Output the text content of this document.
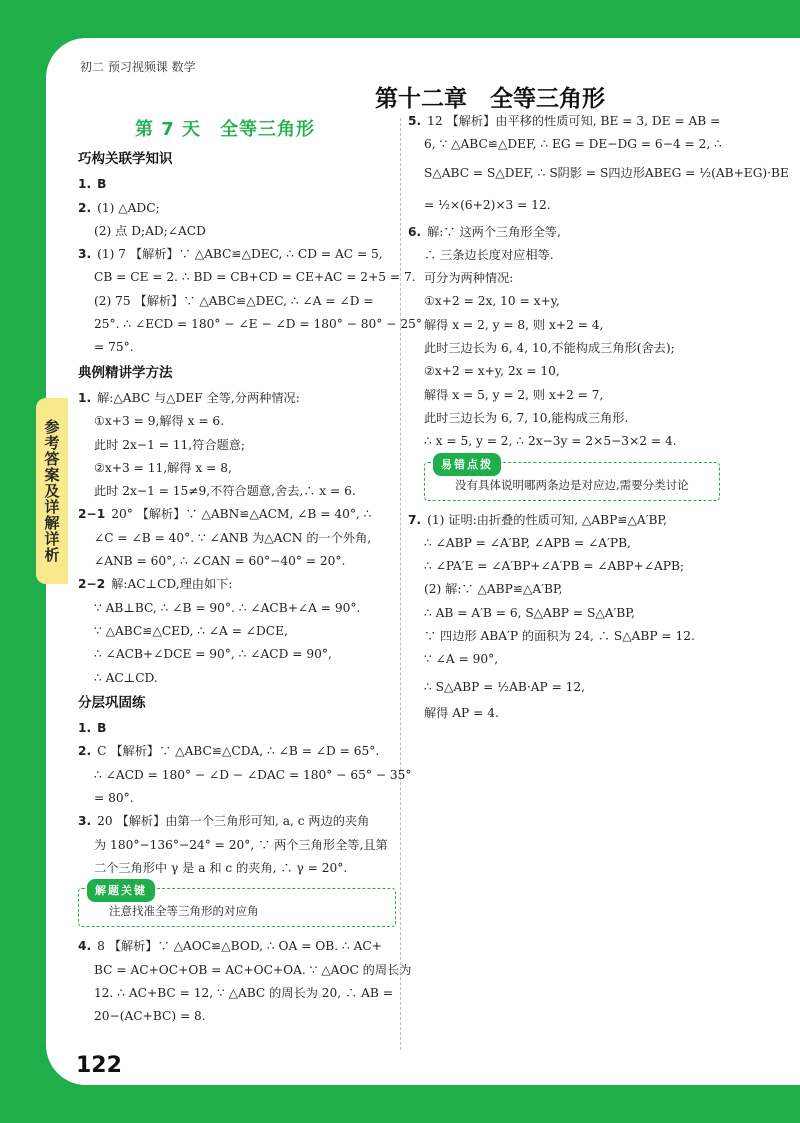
初二 预习视频课 数学
第十二章　全等三角形
参考答案及详解详析
第 7 天　全等三角形
巧构关联学知识
1. B
2. (1) △ADC;
(2) 点 D;AD;∠ACD
3. (1) 7 【解析】∵ △ABC≌△DEC, ∴ CD = AC = 5,
CB = CE = 2. ∴ BD = CB+CD = CE+AC = 2+5 = 7.
(2) 75 【解析】∵ △ABC≌△DEC, ∴ ∠A = ∠D =
25°. ∴ ∠ECD = 180° − ∠E − ∠D = 180° − 80° − 25°
= 75°.
典例精讲学方法
1. 解:△ABC 与△DEF 全等,分两种情况:
①x+3 = 9,解得 x = 6.
此时 2x−1 = 11,符合题意;
②x+3 = 11,解得 x = 8,
此时 2x−1 = 15≠9,不符合题意,舍去,∴ x = 6.
2−1 20° 【解析】∵ △ABN≌△ACM, ∠B = 40°, ∴
∠C = ∠B = 40°. ∵ ∠ANB 为△ACN 的一个外角,
∠ANB = 60°, ∴ ∠CAN = 60°−40° = 20°.
2−2 解:AC⊥CD,理由如下:
∵ AB⊥BC, ∴ ∠B = 90°. ∴ ∠ACB+∠A = 90°.
∵ △ABC≌△CED, ∴ ∠A = ∠DCE,
∴ ∠ACB+∠DCE = 90°, ∴ ∠ACD = 90°,
∴ AC⊥CD.
分层巩固练
1. B
2. C 【解析】∵ △ABC≌△CDA, ∴ ∠B = ∠D = 65°.
∴ ∠ACD = 180° − ∠D − ∠DAC = 180° − 65° − 35°
= 80°.
3. 20 【解析】由第一个三角形可知, a, c 两边的夹角
为 180°−136°−24° = 20°, ∵ 两个三角形全等,且第
二个三角形中 γ 是 a 和 c 的夹角, ∴ γ = 20°.
解题关键
注意找准全等三角形的对应角
4. 8 【解析】∵ △AOC≌△BOD, ∴ OA = OB. ∴ AC+
BC = AC+OC+OB = AC+OC+OA. ∵ △AOC 的周长为
12. ∴ AC+BC = 12, ∵ △ABC 的周长为 20, ∴ AB =
20−(AC+BC) = 8.
5. 12 【解析】由平移的性质可知, BE = 3, DE = AB =
6, ∵ △ABC≌△DEF, ∴ EG = DE−DG = 6−4 = 2, ∴
S△ABC = S△DEF, ∴ S阴影 = S四边形ABEG = ½(AB+EG)·BE
= ½×(6+2)×3 = 12.
6. 解:∵ 这两个三角形全等,
∴ 三条边长度对应相等.
可分为两种情况:
①x+2 = 2x, 10 = x+y,
解得 x = 2, y = 8, 则 x+2 = 4,
此时三边长为 6, 4, 10,不能构成三角形(舍去);
②x+2 = x+y, 2x = 10,
解得 x = 5, y = 2, 则 x+2 = 7,
此时三边长为 6, 7, 10,能构成三角形.
∴ x = 5, y = 2, ∴ 2x−3y = 2×5−3×2 = 4.
易错点拨
没有具体说明哪两条边是对应边,需要分类讨论
7. (1) 证明:由折叠的性质可知, △ABP≌△A′BP,
∴ ∠ABP = ∠A′BP, ∠APB = ∠A′PB,
∴ ∠PA′E = ∠A′BP+∠A′PB = ∠ABP+∠APB;
(2) 解:∵ △ABP≌△A′BP,
∴ AB = A′B = 6, S△ABP = S△A′BP,
∵ 四边形 ABA′P 的面积为 24, ∴ S△ABP = 12.
∵ ∠A = 90°,
∴ S△ABP = ½AB·AP = 12,
解得 AP = 4.
122
